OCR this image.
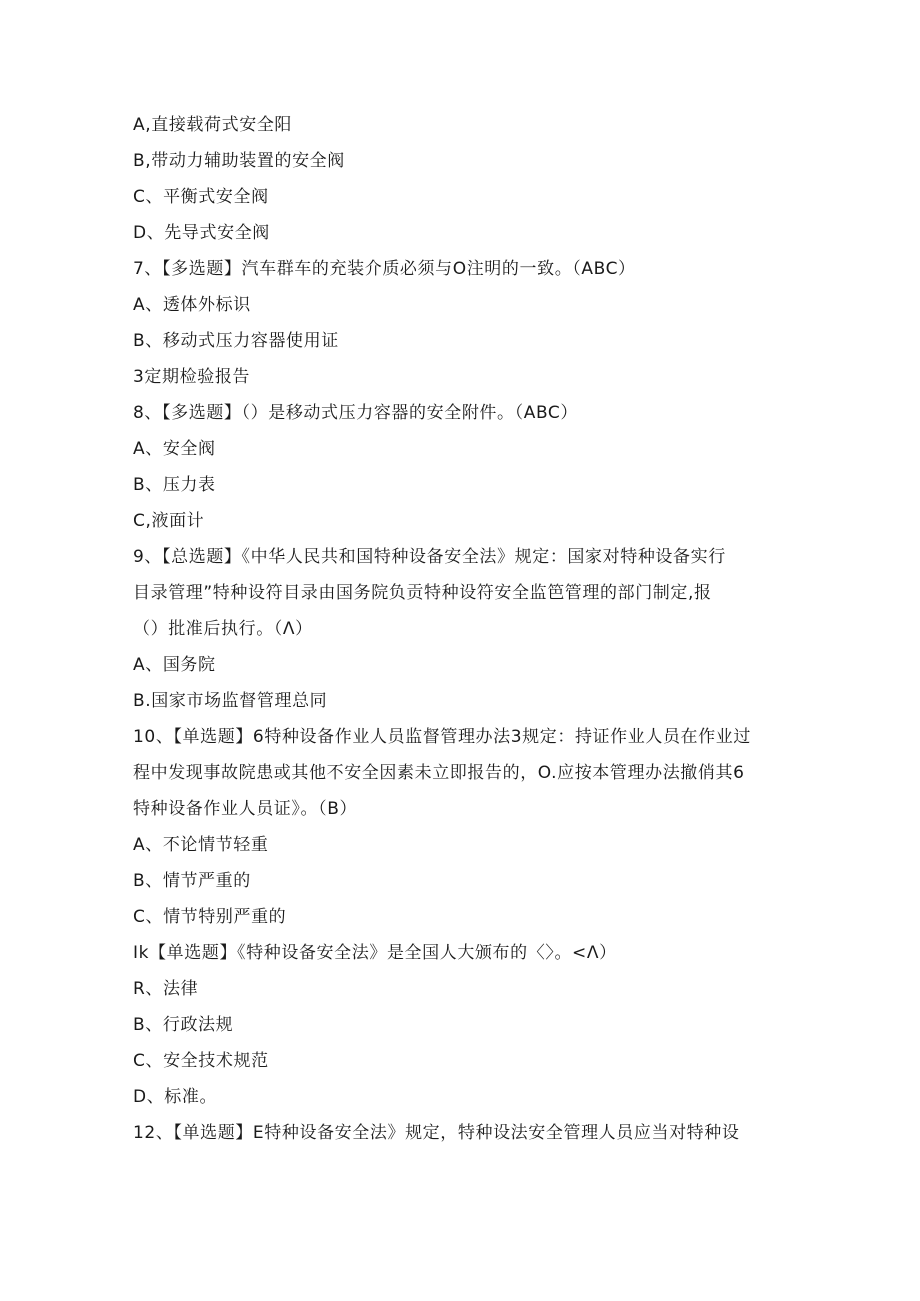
A,直接载荷式安全阳
B,带动力辅助装置的安全阀
C、平衡式安全阀
D、先导式安全阀
7、【多选题】汽车群车的充装介质必须与O注明的一致。（ABC）
A、透体外标识
B、移动式压力容器使用证
3定期检验报告
8、【多选题】（）是移动式压力容器的安全附件。（ABC）
A、安全阀
B、压力表
C,液面计
9、【总选题】《中华人民共和国特种设备安全法》规定：国家对特种设备实行
目录管理”特种设符目录由国务院负贡特种设符安全监笆管理的部门制定,报
（）批准后执行。（Λ）
A、国务院
B.国家市场监督管理总同
10、【单选题】6特种设备作业人员监督管理办法3规定：持证作业人员在作业过
程中发现事故院患或其他不安全因素未立即报告的，O.应按本管理办法撤俏其6
特种设备作业人员证》。（B）
A、不论情节轻重
B、情节严重的
C、情节特别严重的
Ik【单选题】《特种设备安全法》是全国人大颁布的〈〉。<Λ）
R、法律
B、行政法规
C、安全技术规范
D、标准。
12、【单选题】E特种设备安全法》规定，特种设法安全管理人员应当对特种设
